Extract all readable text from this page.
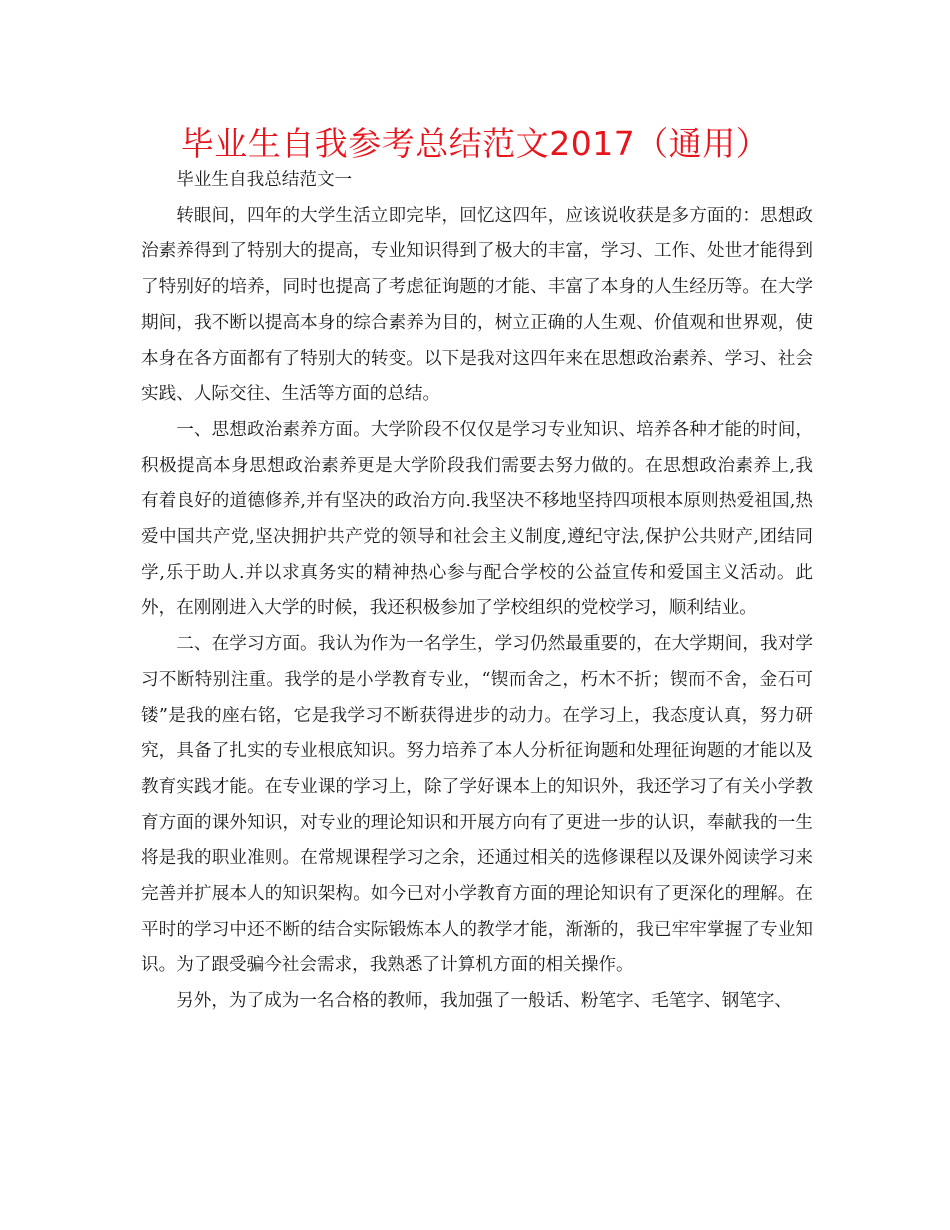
毕业生自我参考总结范文2017（通用）

毕业生自我总结范文一

转眼间，四年的大学生活立即完毕，回忆这四年，应该说收获是多方面的：思想政治素养得到了特别大的提高，专业知识得到了极大的丰富，学习、工作、处世才能得到了特别好的培养，同时也提高了考虑征询题的才能、丰富了本身的人生经历等。在大学期间，我不断以提高本身的综合素养为目的，树立正确的人生观、价值观和世界观，使本身在各方面都有了特别大的转变。以下是我对这四年来在思想政治素养、学习、社会实践、人际交往、生活等方面的总结。

一、思想政治素养方面。大学阶段不仅仅是学习专业知识、培养各种才能的时间，积极提高本身思想政治素养更是大学阶段我们需要去努力做的。在思想政治素养上,我有着良好的道德修养,并有坚决的政治方向.我坚决不移地坚持四项根本原则热爱祖国,热爱中国共产党,坚决拥护共产党的领导和社会主义制度,遵纪守法,保护公共财产,团结同学,乐于助人.并以求真务实的精神热心参与配合学校的公益宣传和爱国主义活动。此外，在刚刚进入大学的时候，我还积极参加了学校组织的党校学习，顺利结业。

二、在学习方面。我认为作为一名学生，学习仍然最重要的，在大学期间，我对学习不断特别注重。我学的是小学教育专业，“锲而舍之，朽木不折；锲而不舍，金石可镂”是我的座右铭，它是我学习不断获得进步的动力。在学习上，我态度认真，努力研究，具备了扎实的专业根底知识。努力培养了本人分析征询题和处理征询题的才能以及教育实践才能。在专业课的学习上，除了学好课本上的知识外，我还学习了有关小学教育方面的课外知识，对专业的理论知识和开展方向有了更进一步的认识，奉献我的一生将是我的职业准则。在常规课程学习之余，还通过相关的选修课程以及课外阅读学习来完善并扩展本人的知识架构。如今已对小学教育方面的理论知识有了更深化的理解。在平时的学习中还不断的结合实际锻炼本人的教学才能，渐渐的，我已牢牢掌握了专业知识。为了跟受骗今社会需求，我熟悉了计算机方面的相关操作。

另外，为了成为一名合格的教师，我加强了一般话、粉笔字、毛笔字、钢笔字、
